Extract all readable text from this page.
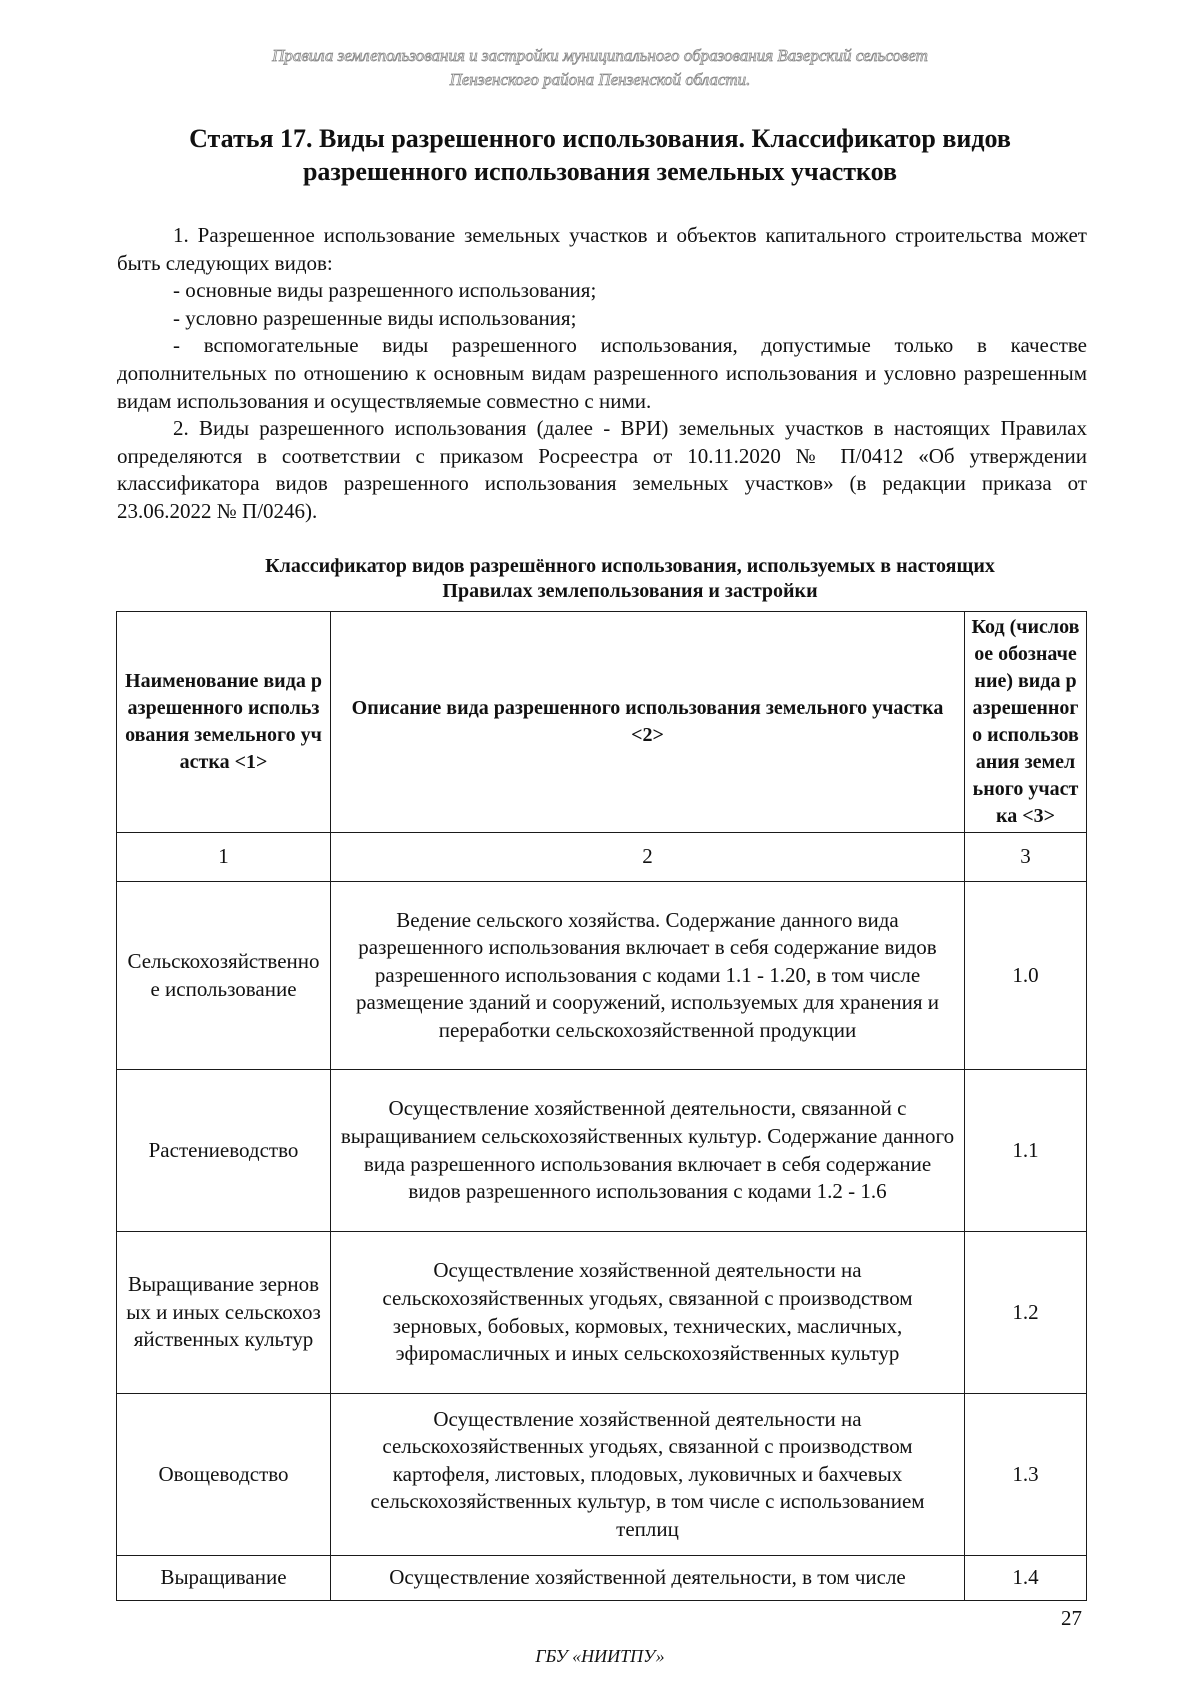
Правила землепользования и застройки муниципального образования Вазерский сельсовет
Пензенского района Пензенской области.
Статья 17. Виды разрешенного использования. Классификатор видов
разрешенного использования земельных участков

1. Разрешенное использование земельных участков и объектов капитального строительства может быть следующих видов:

- основные виды разрешенного использования;

- условно разрешенные виды использования;

- вспомогательные виды разрешенного использования, допустимые только в качестве дополнительных по отношению к основным видам разрешенного использования и условно разрешенным видам использования и осуществляемые совместно с ними.

2. Виды разрешенного использования (далее - ВРИ) земельных участков в настоящих Правилах определяются в соответствии с приказом Росреестра от 10.11.2020 № П/0412 «Об утверждении классификатора видов разрешенного использования земельных участков» (в редакции приказа от 23.06.2022 № П/0246).

Классификатор видов разрешённого использования, используемых в настоящих
Правилах землепользования и застройки
Наименование вида разрешенного использования земельного участка <1>	Описание вида разрешенного использования земельного участка <2>	Код (числовое обозначение) вида разрешенного использования земельного участка <3>
1	2	3
Сельскохозяйственное использование	Ведение сельского хозяйства. Содержание данного вида разрешенного использования включает в себя содержание видов разрешенного использования с кодами 1.1 - 1.20, в том числе размещение зданий и сооружений, используемых для хранения и переработки сельскохозяйственной продукции	1.0
Растениеводство	Осуществление хозяйственной деятельности, связанной с выращиванием сельскохозяйственных культур. Содержание данного вида разрешенного использования включает в себя содержание видов разрешенного использования с кодами 1.2 - 1.6	1.1
Выращивание зерновых и иных сельскохозяйственных культур	Осуществление хозяйственной деятельности на сельскохозяйственных угодьях, связанной с производством зерновых, бобовых, кормовых, технических, масличных, эфиромасличных и иных сельскохозяйственных культур	1.2
Овощеводство	Осуществление хозяйственной деятельности на сельскохозяйственных угодьях, связанной с производством картофеля, листовых, плодовых, луковичных и бахчевых сельскохозяйственных культур, в том числе с использованием теплиц	1.3
Выращивание	Осуществление хозяйственной деятельности, в том числе	1.4
27
ГБУ «НИИТПУ»
